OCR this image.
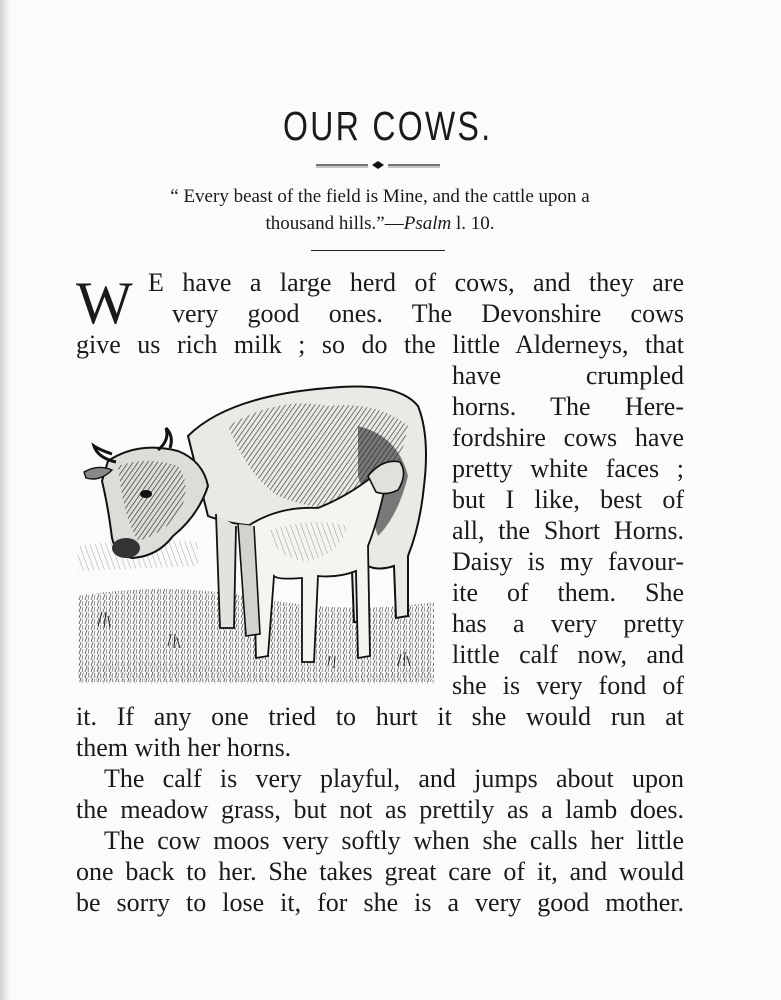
OUR COWS.
“ Every beast of the field is Mine, and the cattle upon a
thousand hills.”—Psalm l. 10.
W E have a large herd of cows, and they are
very good ones. The Devonshire cows
give us rich milk ; so do the little Alderneys, that
have crumpled
horns. The Here-
fordshire cows have
pretty white faces ;
but I like, best of
all, the Short Horns.
Daisy is my favour-
ite of them. She
has a very pretty
little calf now, and
she is very fond of
it. If any one tried to hurt it she would run at
them with her horns.
The calf is very playful, and jumps about upon
the meadow grass, but not as prettily as a lamb does.
The cow moos very softly when she calls her little
one back to her. She takes great care of it, and would
be sorry to lose it, for she is a very good mother.
